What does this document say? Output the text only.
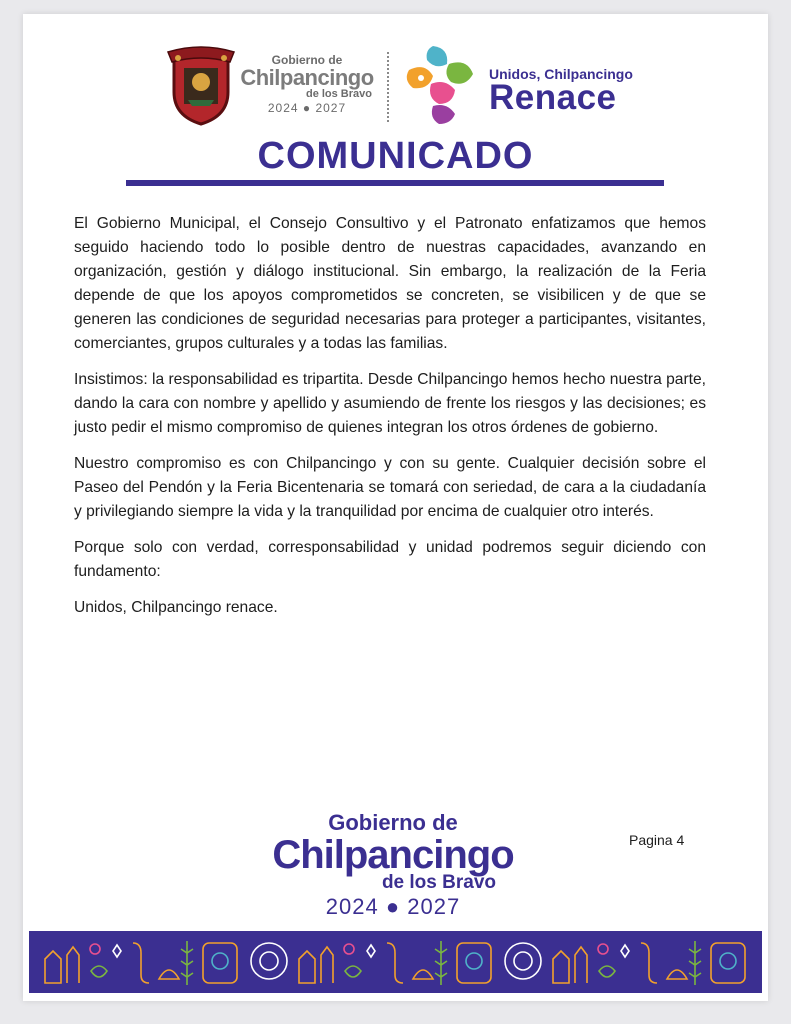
Gobierno de
Chilpancingo
de los Bravo
2024 ● 2027
Unidos, Chilpancingo
Renace
COMUNICADO

El Gobierno Municipal, el Consejo Consultivo y el Patronato enfatizamos que hemos seguido haciendo todo lo posible dentro de nuestras capacidades, avanzando en organización, gestión y diálogo institucional. Sin embargo, la realización de la Feria depende de que los apoyos comprometidos se concreten, se visibilicen y de que se generen las condiciones de seguridad necesarias para proteger a participantes, visitantes, comerciantes, grupos culturales y a todas las familias.

Insistimos: la responsabilidad es tripartita. Desde Chilpancingo hemos hecho nuestra parte, dando la cara con nombre y apellido y asumiendo de frente los riesgos y las decisiones; es justo pedir el mismo compromiso de quienes integran los otros órdenes de gobierno.

Nuestro compromiso es con Chilpancingo y con su gente. Cualquier decisión sobre el Paseo del Pendón y la Feria Bicentenaria se tomará con seriedad, de cara a la ciudadanía y privilegiando siempre la vida y la tranquilidad por encima de cualquier otro interés.

Porque solo con verdad, corresponsabilidad y unidad podremos seguir diciendo con fundamento:

Unidos, Chilpancingo renace.

Gobierno de
Chilpancingo
de los Bravo
2024 ● 2027
Pagina 4
